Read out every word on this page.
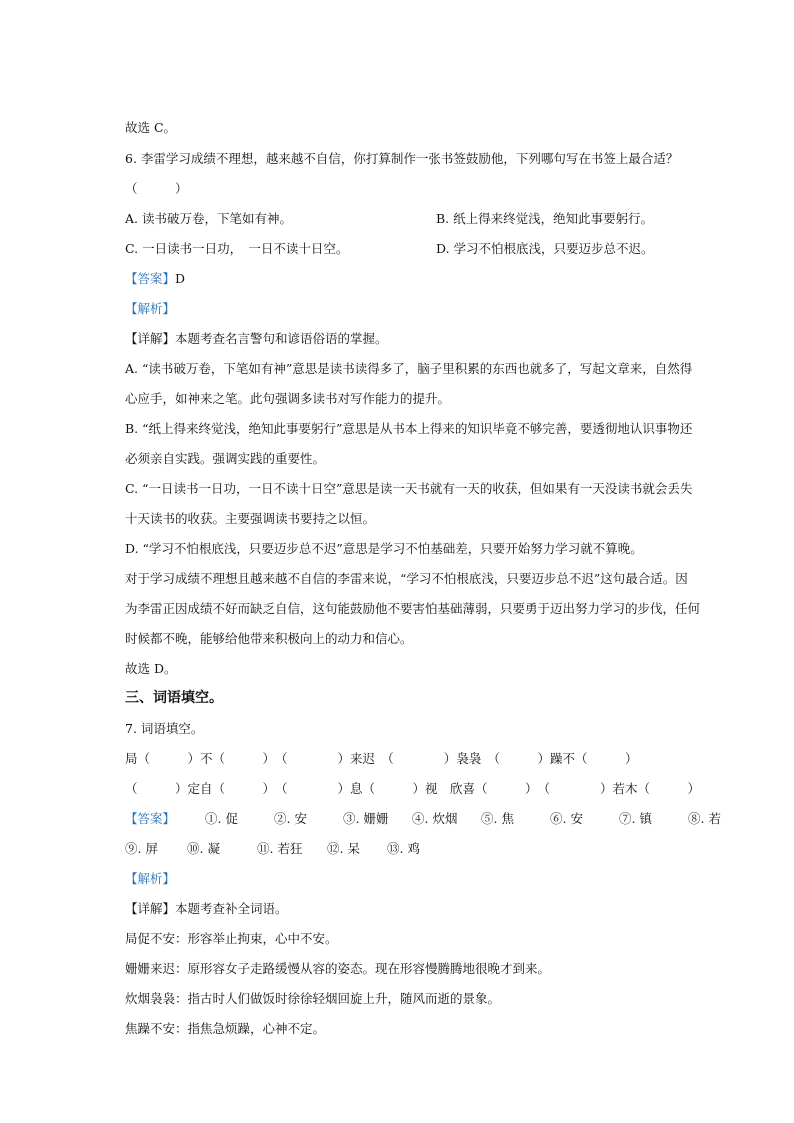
故选 C。
6. 李雷学习成绩不理想，越来越不自信，你打算制作一张书签鼓励他，下列哪句写在书签上最合适？
（　　　）
A. 读书破万卷，下笔如有神。	B. 纸上得来终觉浅，绝知此事要躬行。
C. 一日读书一日功，　一日不读十日空。	D. 学习不怕根底浅，只要迈步总不迟。
【答案】D
【解析】
【详解】本题考查名言警句和谚语俗语的掌握。
A. “读书破万卷，下笔如有神”意思是读书读得多了，脑子里积累的东西也就多了，写起文章来，自然得
心应手，如神来之笔。此句强调多读书对写作能力的提升。
B. “纸上得来终觉浅，绝知此事要躬行”意思是从书本上得来的知识毕竟不够完善，要透彻地认识事物还
必须亲自实践。强调实践的重要性。
C. “一日读书一日功，一日不读十日空”意思是读一天书就有一天的收获，但如果有一天没读书就会丢失
十天读书的收获。主要强调读书要持之以恒。
D. “学习不怕根底浅，只要迈步总不迟”意思是学习不怕基础差，只要开始努力学习就不算晚。
对于学习成绩不理想且越来越不自信的李雷来说，“学习不怕根底浅，只要迈步总不迟”这句最合适。因
为李雷正因成绩不好而缺乏自信，这句能鼓励他不要害怕基础薄弱，只要勇于迈出努力学习的步伐，任何
时候都不晚，能够给他带来积极向上的动力和信心。
故选 D。
三、词语填空。
7. 词语填空。
局（　　　）不（　　　）　（　　　　）来迟　（　　　　）袅袅　（　　　）躁不（　　　）
（　　　）定自（　　　）　（　　　　）息（　　　）视　欣喜（　　　）　（　　　　）若木（　　　）
【答案】 ①. 促	②. 安	③. 姗姗 ④. 炊烟 ⑤. 焦	⑥. 安	⑦. 镇	⑧. 若
⑨. 屏 ⑩. 凝	⑪. 若狂 ⑫. 呆 ⑬. 鸡
【解析】
【详解】本题考查补全词语。
局促不安：形容举止拘束，心中不安。
姗姗来迟：原形容女子走路缓慢从容的姿态。现在形容慢腾腾地很晚才到来。
炊烟袅袅：指古时人们做饭时徐徐轻烟回旋上升，随风而逝的景象。
焦躁不安：指焦急烦躁，心神不定。
